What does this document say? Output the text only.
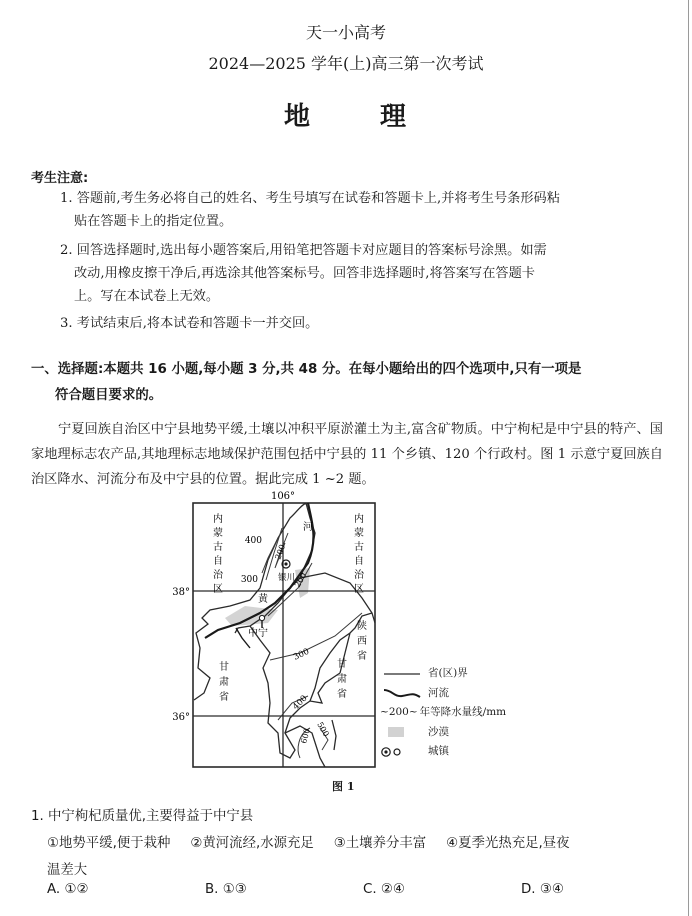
天一小高考
2024—2025 学年(上)高三第一次考试
地　理
考生注意:
1. 答题前,考生务必将自己的姓名、考生号填写在试卷和答题卡上,并将考生号条形码粘
贴在答题卡上的指定位置。
2. 回答选择题时,选出每小题答案后,用铅笔把答题卡对应题目的答案标号涂黑。如需
改动,用橡皮擦干净后,再选涂其他答案标号。回答非选择题时,将答案写在答题卡
上。写在本试卷上无效。
3. 考试结束后,将本试卷和答题卡一并交回。
一、选择题:本题共 16 小题,每小题 3 分,共 48 分。在每小题给出的四个选项中,只有一项是
符合题目要求的。
宁夏回族自治区中宁县地势平缓,土壤以冲积平原淤灌土为主,富含矿物质。中宁枸杞是中宁县的特产、国家地理标志农产品,其地理标志地域保护范围包括中宁县的 11 个乡镇、120 个行政村。图 1 示意宁夏回族自治区降水、河流分布及中宁县的位置。据此完成 1 ~2 题。
106°
38°
36°
400
300
200
200
300
400
500
600
河
黄
银川
中宁
内蒙古自治区	内蒙古自治区
陕西省
甘肃省	甘肃省	省(区)界
河流
~200~ 年等降水量线/mm
沙漠
城镇
图 1
1. 中宁枸杞质量优,主要得益于中宁县
①地势平缓,便于栽种 ②黄河流经,水源充足 ③土壤养分丰富 ④夏季光热充足,昼夜
温差大
A. ①②	B. ①③	C. ②④	D. ③④
